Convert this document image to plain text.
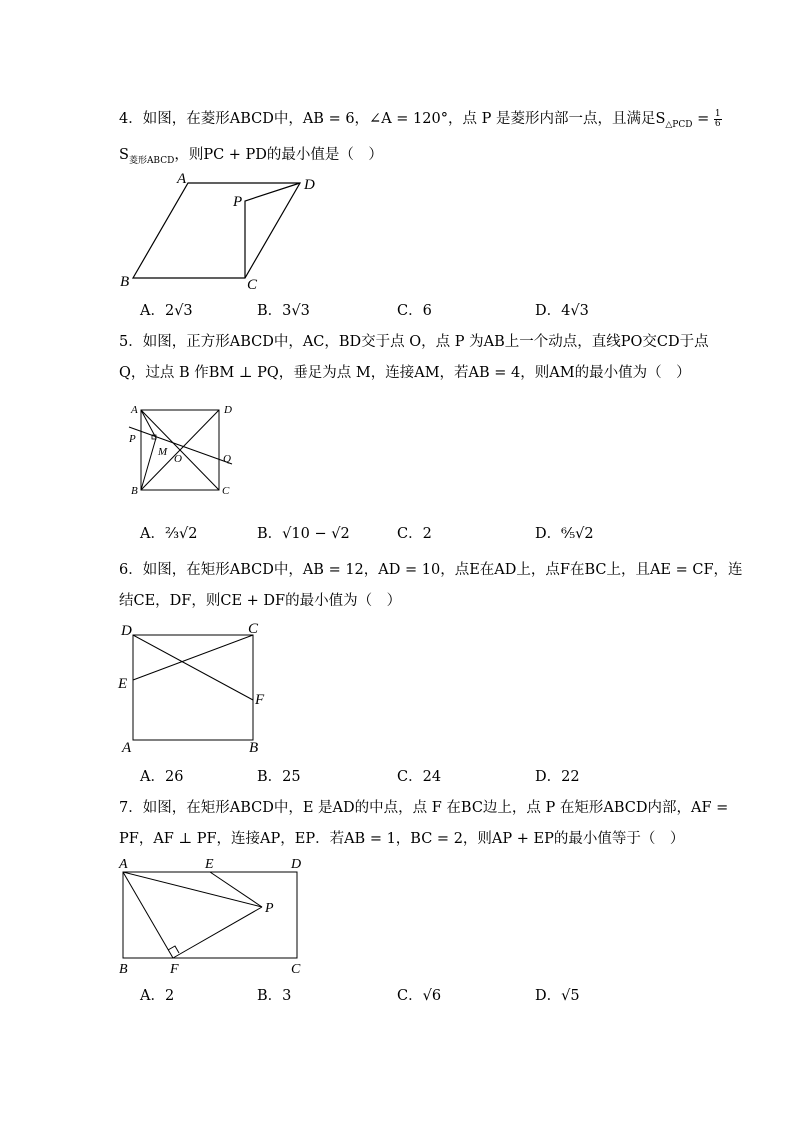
4．如图，在菱形ABCD中，AB = 6，∠A = 120°，点 P 是菱形内部一点，且满足$S_{\triangle PCD} = \frac{1}{6}$
$S_{菱形ABCD}$，则PC + PD的最小值是（　）
A	D
P
B	C
A．2√3	B．3√3	C．6	D．4√3
5．如图，正方形ABCD中，AC，BD交于点 O，点 P 为AB上一个动点，直线PO交CD于点
Q，过点 B 作BM ⊥ PQ，垂足为点 M，连接AM，若AB = 4，则AM的最小值为（　）
A	D
P
M
O	Q
B	C
A．⅔√2	B．√10 − √2	C．2	D．⁶⁄₅√2
6．如图，在矩形ABCD中，AB = 12，AD = 10，点E在AD上，点F在BC上，且AE = CF，连
结CE，DF，则CE + DF的最小值为（　）
D	C
E
F
A	B
A．26	B．25	C．24	D．22
7．如图，在矩形ABCD中，E 是AD的中点，点 F 在BC边上，点 P 在矩形ABCD内部，AF =
PF，AF ⊥ PF，连接AP，EP．若AB = 1，BC = 2，则AP + EP的最小值等于（　）
A	E	D
P
B	F	C
A．2	B．3	C．√6	D．√5
